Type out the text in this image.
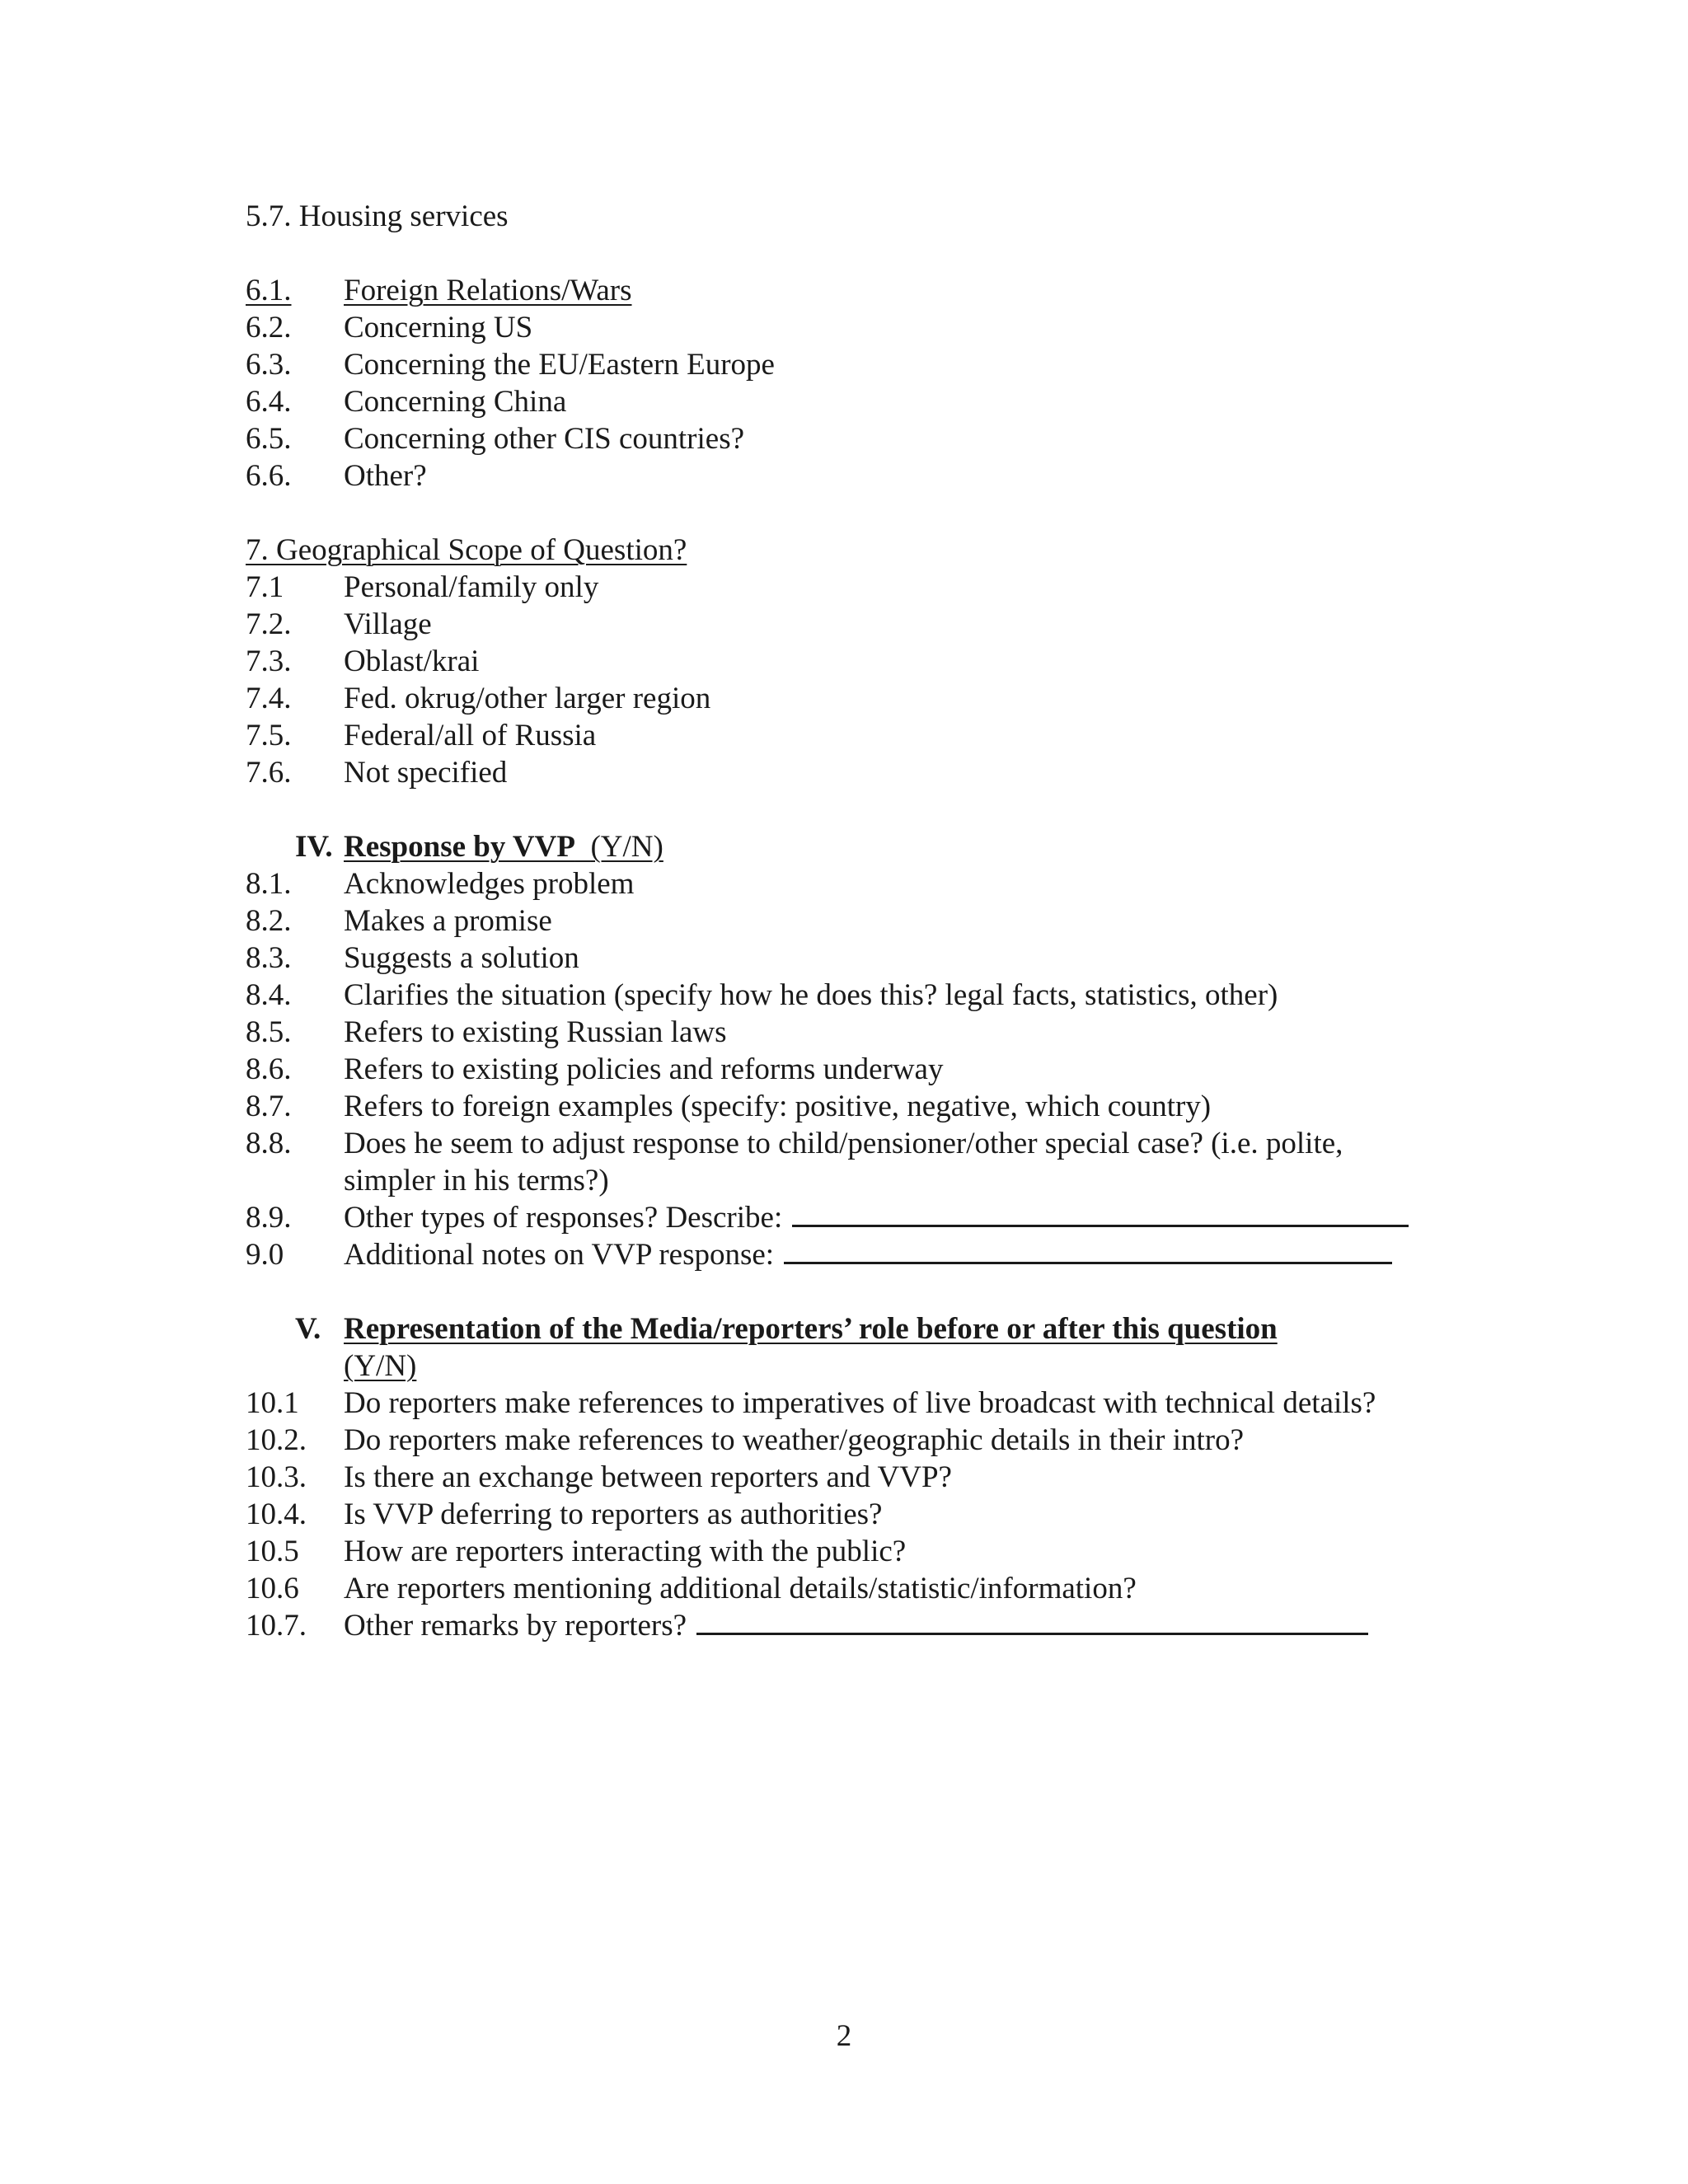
5.7. Housing services
6.1.	Foreign Relations/Wars
6.2. Concerning US
6.3. Concerning the EU/Eastern Europe
6.4. Concerning China
6.5. Concerning other CIS countries?
6.6. Other?
7. Geographical Scope of Question?
7.1 Personal/family only
7.2. Village
7.3. Oblast/krai
7.4. Fed. okrug/other larger region
7.5. Federal/all of Russia
7.6. Not specified
IV. Response by VVP (Y/N)
8.1. Acknowledges problem
8.2. Makes a promise
8.3. Suggests a solution
8.4. Clarifies the situation (specify how he does this? legal facts, statistics, other)
8.5. Refers to existing Russian laws
8.6. Refers to existing policies and reforms underway
8.7. Refers to foreign examples (specify: positive, negative, which country)
8.8. Does he seem to adjust response to child/pensioner/other special case? (i.e. polite,
simpler in his terms?)
8.9. Other types of responses? Describe:
9.0 Additional notes on VVP response:
V. Representation of the Media/reporters’ role before or after this question
(Y/N)
10.1 Do reporters make references to imperatives of live broadcast with technical details?
10.2. Do reporters make references to weather/geographic details in their intro?
10.3. Is there an exchange between reporters and VVP?
10.4. Is VVP deferring to reporters as authorities?
10.5 How are reporters interacting with the public?
10.6 Are reporters mentioning additional details/statistic/information?
10.7. Other remarks by reporters?
2
